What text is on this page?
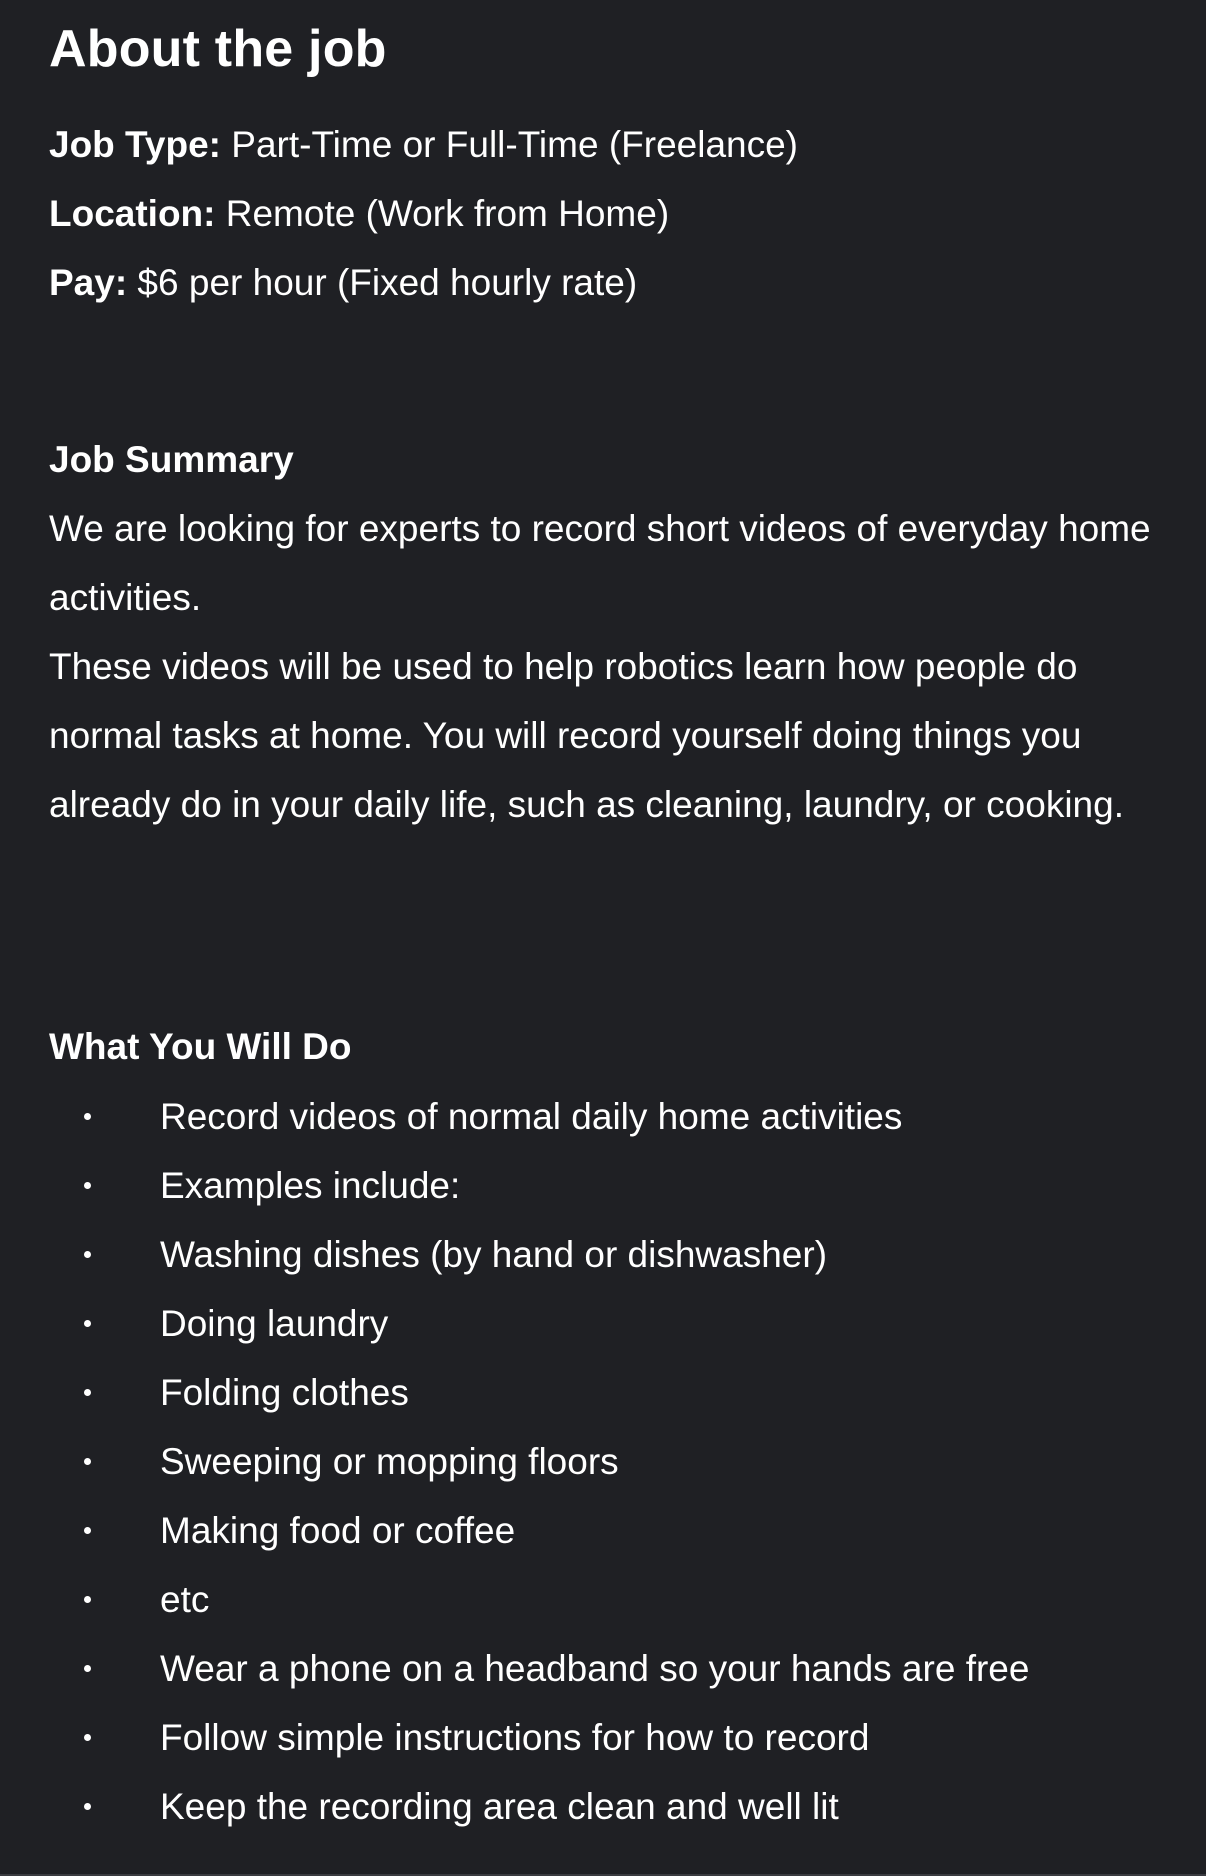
About the job
Job Type: Part-Time or Full-Time (Freelance)
Location: Remote (Work from Home)
Pay: $6 per hour (Fixed hourly rate)
Job Summary

We are looking for experts to record short videos of everyday home activities.

These videos will be used to help robotics learn how people do normal tasks at home. You will record yourself doing things you already do in your daily life, such as cleaning, laundry, or cooking.

What You Will Do
Record videos of normal daily home activities
Examples include:
Washing dishes (by hand or dishwasher)
Doing laundry
Folding clothes
Sweeping or mopping floors
Making food or coffee
etc
Wear a phone on a headband so your hands are free
Follow simple instructions for how to record
Keep the recording area clean and well lit
